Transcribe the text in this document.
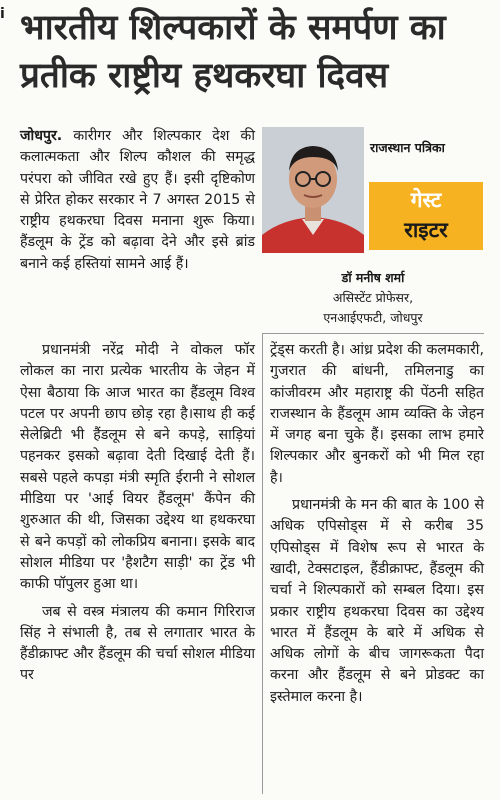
i भारतीय शिल्पकारों के समर्पण का
प्रतीक राष्ट्रीय हथकरघा दिवस

जोधपुर. कारीगर और शिल्पकार देश की कलात्मकता और शिल्प कौशल की समृद्ध परंपरा को जीवित रखे हुए हैं। इसी दृष्टिकोण से प्रेरित होकर सरकार ने 7 अगस्त 2015 से राष्ट्रीय हथकरघा दिवस मनाना शुरू किया। हैंडलूम के ट्रेंड को बढ़ावा देने और इसे ब्रांड बनाने कई हस्तियां सामने आई हैं।

राजस्थान पत्रिका
गेस्ट
राइटर
डॉ मनीष शर्मा
असिस्टेंट प्रोफेसर,
एनआईएफटी, जोधपुर

प्रधानमंत्री नरेंद्र मोदी ने वोकल फॉर लोकल का नारा प्रत्येक भारतीय के जेहन में ऐसा बैठाया कि आज भारत का हैंडलूम विश्व पटल पर अपनी छाप छोड़ रहा है।साथ ही कई सेलेब्रिटी भी हैंडलूम से बने कपड़े, साड़ियां पहनकर इसको बढ़ावा देती दिखाई देती हैं। सबसे पहले कपड़ा मंत्री स्मृति ईरानी ने सोशल मीडिया पर 'आई वियर हैंडलूम' कैंपेन की शुरुआत की थी, जिसका उद्देश्य था हथकरघा से बने कपड़ों को लोकप्रिय बनाना। इसके बाद सोशल मीडिया पर 'हैशटैग साड़ी' का ट्रेंड भी काफी पॉपुलर हुआ था।

जब से वस्त्र मंत्रालय की कमान गिरिराज सिंह ने संभाली है, तब से लगातार भारत के हैंडीक्राफ्ट और हैंडलूम की चर्चा सोशल मीडिया पर

ट्रेंड्स करती है। आंध्र प्रदेश की कलमकारी, गुजरात की बांधनी, तमिलनाडु का कांजीवरम और महाराष्ट्र की पेंठनी सहित राजस्थान के हैंडलूम आम व्यक्ति के जेहन में जगह बना चुके हैं। इसका लाभ हमारे शिल्पकार और बुनकरों को भी मिल रहा है।

प्रधानमंत्री के मन की बात के 100 से अधिक एपिसोड्स में से करीब 35 एपिसोड्स में विशेष रूप से भारत के खादी, टेक्सटाइल, हैंडीक्राफ्ट, हैंडलूम की चर्चा ने शिल्पकारों को सम्बल दिया। इस प्रकार राष्ट्रीय हथकरघा दिवस का उद्देश्य भारत में हैंडलूम के बारे में अधिक से अधिक लोगों के बीच जागरूकता पैदा करना और हैंडलूम से बने प्रोडक्ट का इस्तेमाल करना है।
